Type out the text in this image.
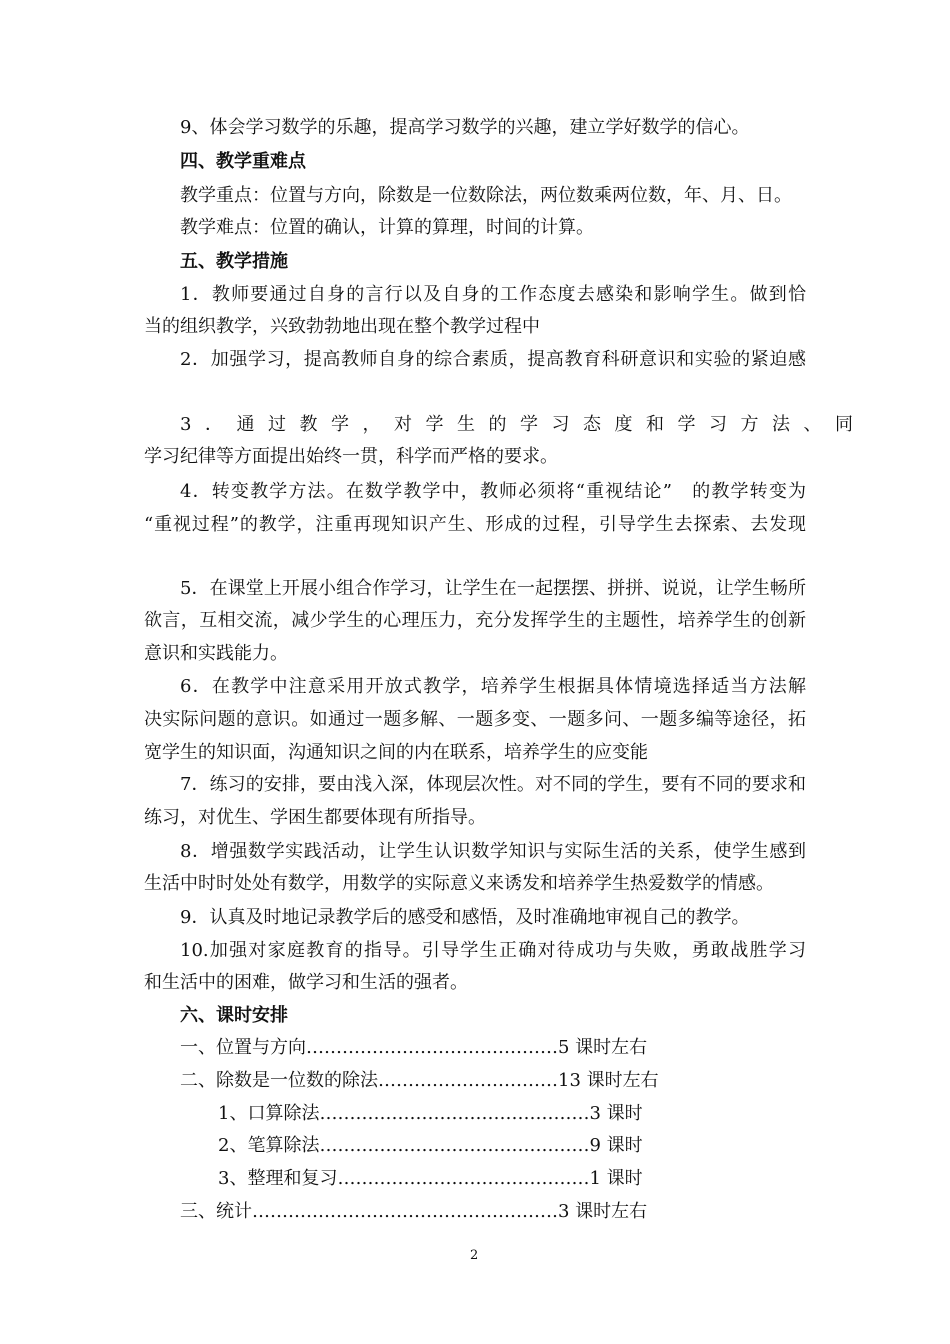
9、体会学习数学的乐趣，提高学习数学的兴趣，建立学好数学的信心。
四、教学重难点
教学重点：位置与方向，除数是一位数除法，两位数乘两位数，年、月、日。
教学难点：位置的确认，计算的算理，时间的计算。
五、教学措施
1．教师要通过自身的言行以及自身的工作态度去感染和影响学生。做到恰
当的组织教学，兴致勃勃地出现在整个教学过程中
2．加强学习，提高教师自身的综合素质，提高教育科研意识和实验的紧迫感
3．通过教学，对学生的学习态度和学习方法、同
学习纪律等方面提出始终一贯，科学而严格的要求。
4．转变教学方法。在数学教学中，教师必须将“重视结论”　的教学转变为
“重视过程”的教学，注重再现知识产生、形成的过程，引导学生去探索、去发现
5．在课堂上开展小组合作学习，让学生在一起摆摆、拼拼、说说，让学生畅所
欲言，互相交流，减少学生的心理压力，充分发挥学生的主题性，培养学生的创新
意识和实践能力。
6．在教学中注意采用开放式教学，培养学生根据具体情境选择适当方法解
决实际问题的意识。如通过一题多解、一题多变、一题多问、一题多编等途径，拓
宽学生的知识面，沟通知识之间的内在联系，培养学生的应变能
7．练习的安排，要由浅入深，体现层次性。对不同的学生，要有不同的要求和
练习，对优生、学困生都要体现有所指导。
8．增强数学实践活动，让学生认识数学知识与实际生活的关系，使学生感到
生活中时时处处有数学，用数学的实际意义来诱发和培养学生热爱数学的情感。
9．认真及时地记录教学后的感受和感悟，及时准确地审视自己的教学。
10.加强对家庭教育的指导。引导学生正确对待成功与失败，勇敢战胜学习
和生活中的困难，做学习和生活的强者。
六、课时安排
一、位置与方向……………………………………5 课时左右
二、除数是一位数的除法…………………………13 课时左右
1、口算除法………………………………………3 课时
2、笔算除法………………………………………9 课时
3、整理和复习……………………………………1 课时
三、统计……………………………………………3 课时左右
2
